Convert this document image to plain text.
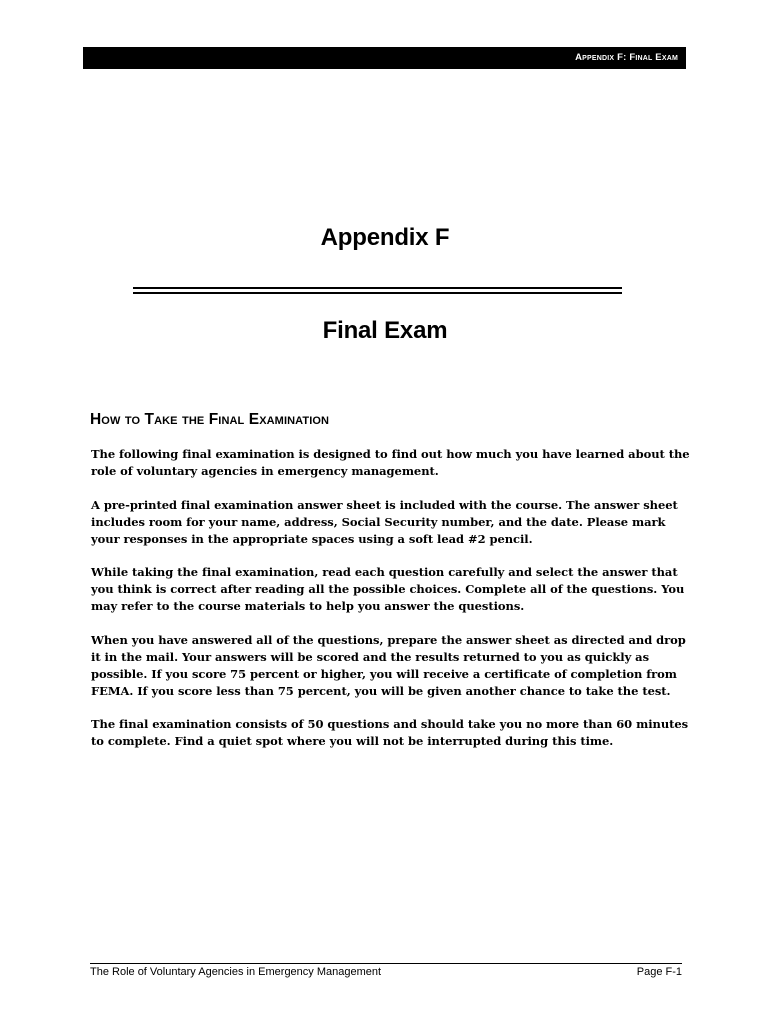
Appendix F: Final Exam
Appendix F
Final Exam
How to Take the Final Examination

The following final examination is designed to find out how much you have learned about the role of voluntary agencies in emergency management.

A pre-printed final examination answer sheet is included with the course. The answer sheet includes room for your name, address, Social Security number, and the date. Please mark your responses in the appropriate spaces using a soft lead #2 pencil.

While taking the final examination, read each question carefully and select the answer that you think is correct after reading all the possible choices. Complete all of the questions. You may refer to the course materials to help you answer the questions.

When you have answered all of the questions, prepare the answer sheet as directed and drop it in the mail. Your answers will be scored and the results returned to you as quickly as possible. If you score 75 percent or higher, you will receive a certificate of completion from FEMA. If you score less than 75 percent, you will be given another chance to take the test.

The final examination consists of 50 questions and should take you no more than 60 minutes to complete. Find a quiet spot where you will not be interrupted during this time.

The Role of Voluntary Agencies in Emergency Management	Page F-1
